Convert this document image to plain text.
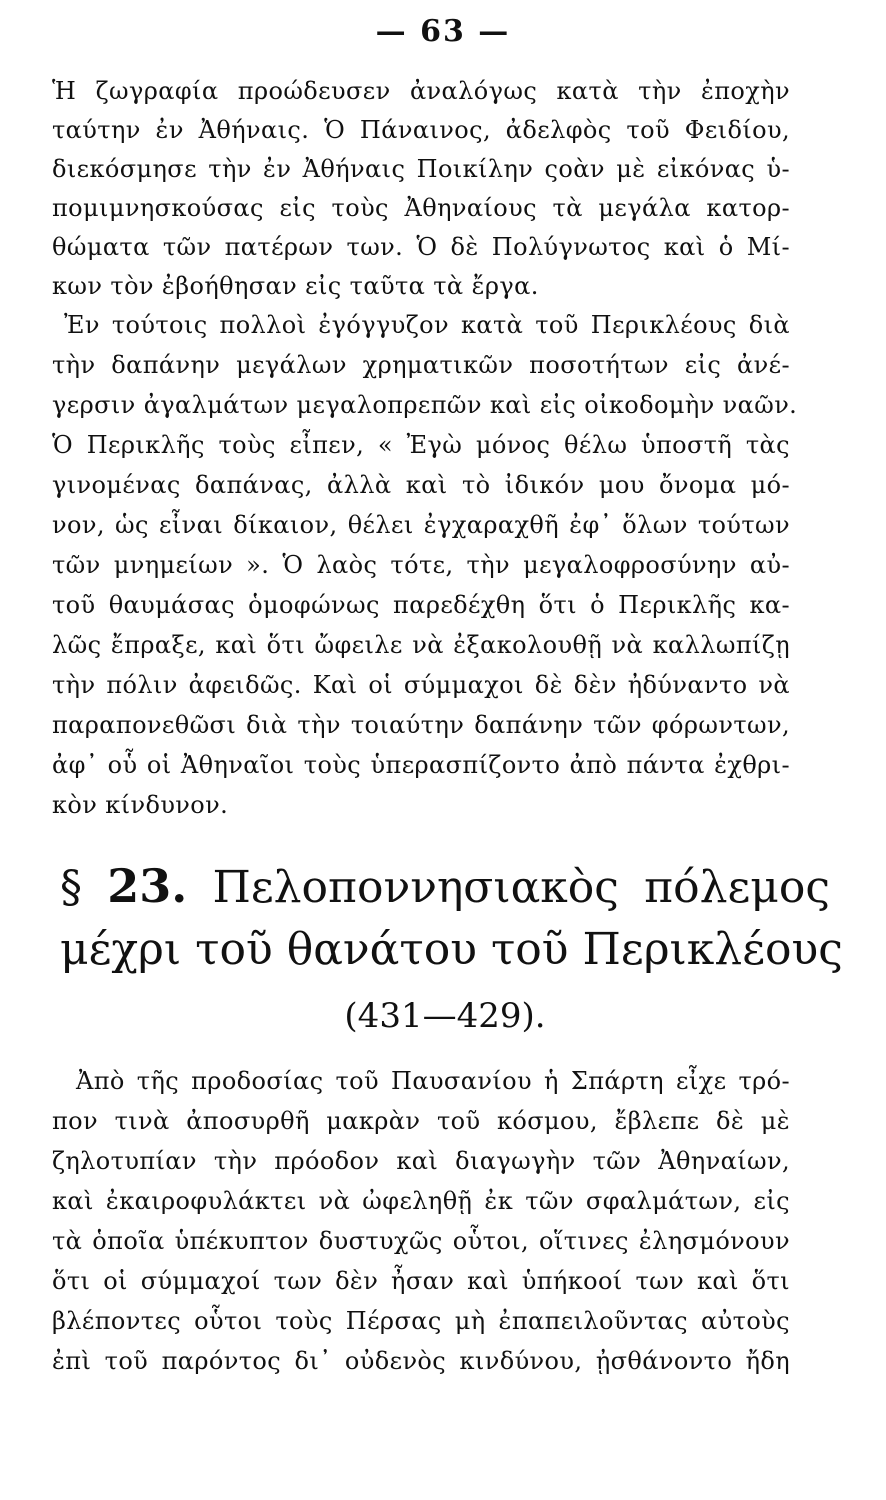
— 63 —
Ἡ ζωγραφία προώδευσεν ἀναλόγως κατὰ τὴν ἐποχὴν
ταύτην ἐν Ἀθήναις. Ὁ Πάναινος, ἀδελφὸς τοῦ Φειδίου,
διεκόσμησε τὴν ἐν Ἀθήναις Ποικίλην ςοὰν μὲ εἰκόνας ὑ-
πομιμνησκούσας εἰς τοὺς Ἀθηναίους τὰ μεγάλα κατορ-
θώματα τῶν πατέρων των. Ὁ δὲ Πολύγνωτος καὶ ὁ Μί-
κων τὸν ἐβοήθησαν εἰς ταῦτα τὰ ἔργα.
Ἐν τούτοις πολλοὶ ἐγόγγυζον κατὰ τοῦ Περικλέους διὰ
τὴν δαπάνην μεγάλων χρηματικῶν ποσοτήτων εἰς ἀνέ-
γερσιν ἀγαλμάτων μεγαλοπρεπῶν καὶ εἰς οἰκοδομὴν ναῶν.
Ὁ Περικλῆς τοὺς εἶπεν, « Ἐγὼ μόνος θέλω ὑποστῆ τὰς
γινομένας δαπάνας, ἀλλὰ καὶ τὸ ἰδικόν μου ὄνομα μό-
νον, ὡς εἶναι δίκαιον, θέλει ἐγχαραχθῆ ἐφ᾽ ὅλων τούτων
τῶν μνημείων ». Ὁ λαὸς τότε, τὴν μεγαλοφροσύνην αὐ-
τοῦ θαυμάσας ὁμοφώνως παρεδέχθη ὅτι ὁ Περικλῆς κα-
λῶς ἔπραξε, καὶ ὅτι ὤφειλε νὰ ἐξακολουθῇ νὰ καλλωπίζῃ
τὴν πόλιν ἀφειδῶς. Καὶ οἱ σύμμαχοι δὲ δὲν ἠδύναντο νὰ
παραπονεθῶσι διὰ τὴν τοιαύτην δαπάνην τῶν φόρωντων,
ἀφ᾽ οὗ οἱ Ἀθηναῖοι τοὺς ὑπερασπίζοντο ἀπὸ πάντα ἐχθρι-
κὸν κίνδυνον.
§ 23. Πελοποννησιακὸς πόλεμος
μέχρι τοῦ θανάτου τοῦ Περικλέους
(431—429).
Ἀπὸ τῆς προδοσίας τοῦ Παυσανίου ἡ Σπάρτη εἶχε τρό-
πον τινὰ ἀποσυρθῆ μακρὰν τοῦ κόσμου, ἔβλεπε δὲ μὲ
ζηλοτυπίαν τὴν πρόοδον καὶ διαγωγὴν τῶν Ἀθηναίων,
καὶ ἐκαιροφυλάκτει νὰ ὠφεληθῇ ἐκ τῶν σφαλμάτων, εἰς
τὰ ὁποῖα ὑπέκυπτον δυστυχῶς οὗτοι, οἵτινες ἐλησμόνουν
ὅτι οἱ σύμμαχοί των δὲν ἦσαν καὶ ὑπήκοοί των καὶ ὅτι
βλέποντες οὗτοι τοὺς Πέρσας μὴ ἐπαπειλοῦντας αὐτοὺς
ἐπὶ τοῦ παρόντος δι᾽ οὐδενὸς κινδύνου, ᾐσθάνοντο ἤδη
